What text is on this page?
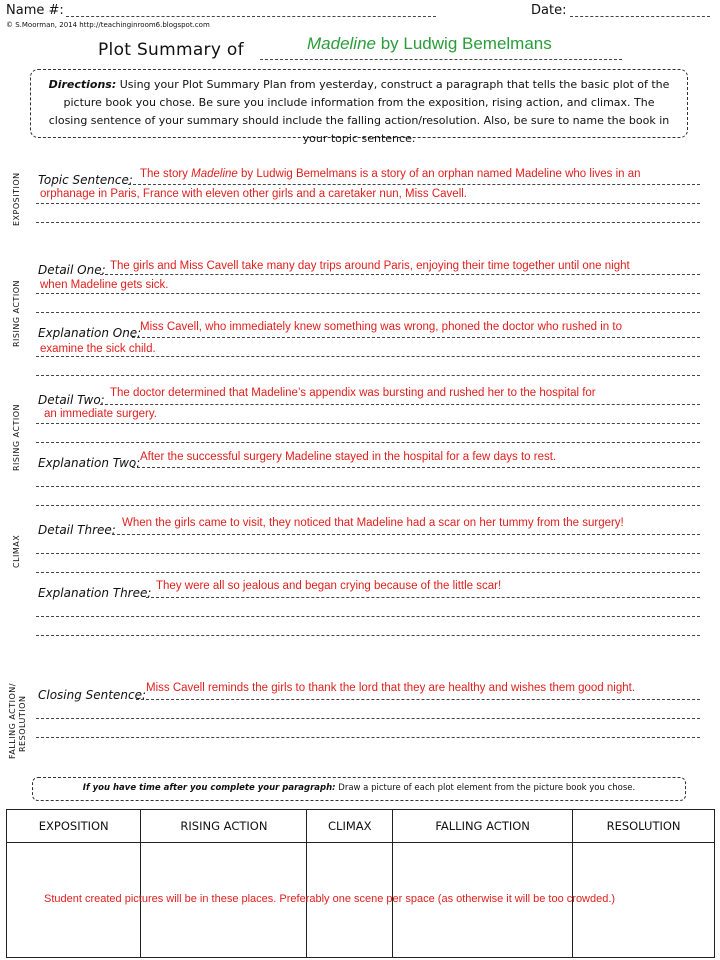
Name #:	Date:
© S.Moorman, 2014 http://teachinginroom6.blogspot.com
Plot Summary of	Madeline by Ludwig Bemelmans
Directions: Using your Plot Summary Plan from yesterday, construct a paragraph that tells the basic plot of the picture book you chose. Be sure you include information from the exposition, rising action, and climax. The closing sentence of your summary should include the falling action/resolution. Also, be sure to name the book in your topic sentence.
EXPOSITION
RISING ACTION
RISING ACTION
CLIMAX
FALLING ACTION/ RESOLUTION
Topic Sentence: The story Madeline by Ludwig Bemelmans is a story of an orphan named Madeline who lives in an
orphanage in Paris, France with eleven other girls and a caretaker nun, Miss Cavell.
Detail One: The girls and Miss Cavell take many day trips around Paris, enjoying their time together until one night
when Madeline gets sick.
Explanation One:
Miss Cavell, who immediately knew something was wrong, phoned the doctor who rushed in to
examine the sick child.
Detail Two: The doctor determined that Madeline’s appendix was bursting and rushed her to the hospital for
an immediate surgery.
Explanation Two: After the successful surgery Madeline stayed in the hospital for a few days to rest.
Detail Three: When the girls came to visit, they noticed that Madeline had a scar on her tummy from the surgery!
Explanation Three: They were all so jealous and began crying because of the little scar!
Closing Sentence: Miss Cavell reminds the girls to thank the lord that they are healthy and wishes them good night.
If you have time after you complete your paragraph: Draw a picture of each plot element from the picture book you chose.
EXPOSITION	RISING ACTION	CLIMAX	FALLING ACTION	RESOLUTION

Student created pictures will be in these places. Preferably one scene per space (as otherwise it will be too crowded.)
